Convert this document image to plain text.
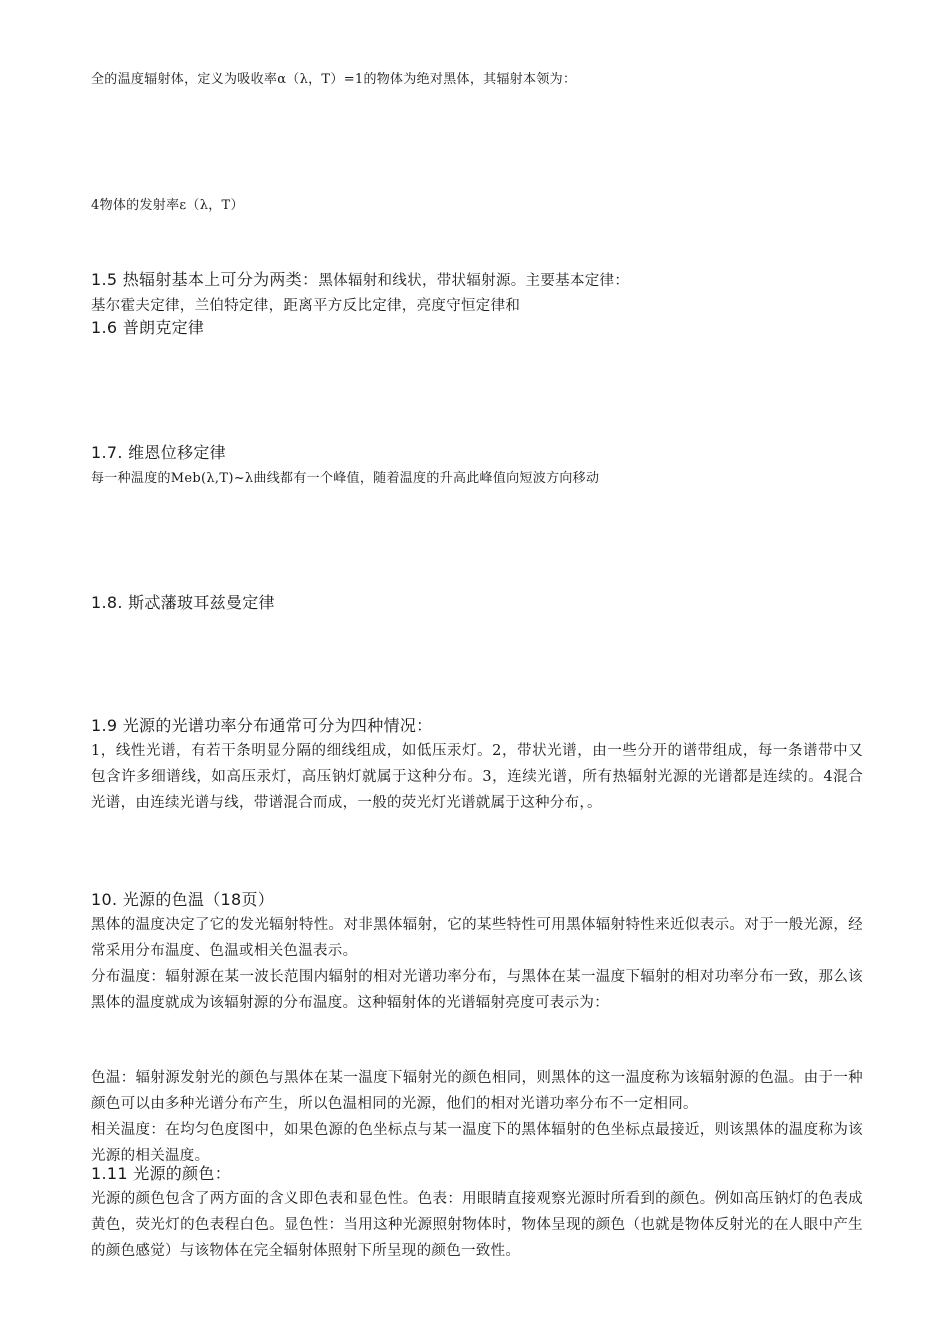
全的温度辐射体，定义为吸收率α（λ，T）=1的物体为绝对黑体，其辐射本领为：

4物体的发射率ε（λ，T）

1.5 热辐射基本上可分为两类：黑体辐射和线状，带状辐射源。主要基本定律：

基尔霍夫定律，兰伯特定律，距离平方反比定律，亮度守恒定律和

1.6 普朗克定律

1.7. 维恩位移定律

每一种温度的Meb(λ,T)~λ曲线都有一个峰值，随着温度的升高此峰值向短波方向移动

1.8. 斯忒藩玻耳兹曼定律

1.9 光源的光谱功率分布通常可分为四种情况：

1，线性光谱，有若干条明显分隔的细线组成，如低压汞灯。2，带状光谱，由一些分开的谱带组成，每一条谱带中又包含许多细谱线，如高压汞灯，高压钠灯就属于这种分布。3，连续光谱，所有热辐射光源的光谱都是连续的。4混合光谱，由连续光谱与线，带谱混合而成，一般的荧光灯光谱就属于这种分布，。

10. 光源的色温（18页）

黑体的温度决定了它的发光辐射特性。对非黑体辐射，它的某些特性可用黑体辐射特性来近似表示。对于一般光源，经常采用分布温度、色温或相关色温表示。

分布温度：辐射源在某一波长范围内辐射的相对光谱功率分布，与黑体在某一温度下辐射的相对功率分布一致，那么该黑体的温度就成为该辐射源的分布温度。这种辐射体的光谱辐射亮度可表示为：

色温：辐射源发射光的颜色与黑体在某一温度下辐射光的颜色相同，则黑体的这一温度称为该辐射源的色温。由于一种颜色可以由多种光谱分布产生，所以色温相同的光源，他们的相对光谱功率分布不一定相同。

相关温度：在均匀色度图中，如果色源的色坐标点与某一温度下的黑体辐射的色坐标点最接近，则该黑体的温度称为该光源的相关温度。

1.11 光源的颜色：

光源的颜色包含了两方面的含义即色表和显色性。色表：用眼睛直接观察光源时所看到的颜色。例如高压钠灯的色表成黄色，荧光灯的色表程白色。显色性：当用这种光源照射物体时，物体呈现的颜色（也就是物体反射光的在人眼中产生的颜色感觉）与该物体在完全辐射体照射下所呈现的颜色一致性。
